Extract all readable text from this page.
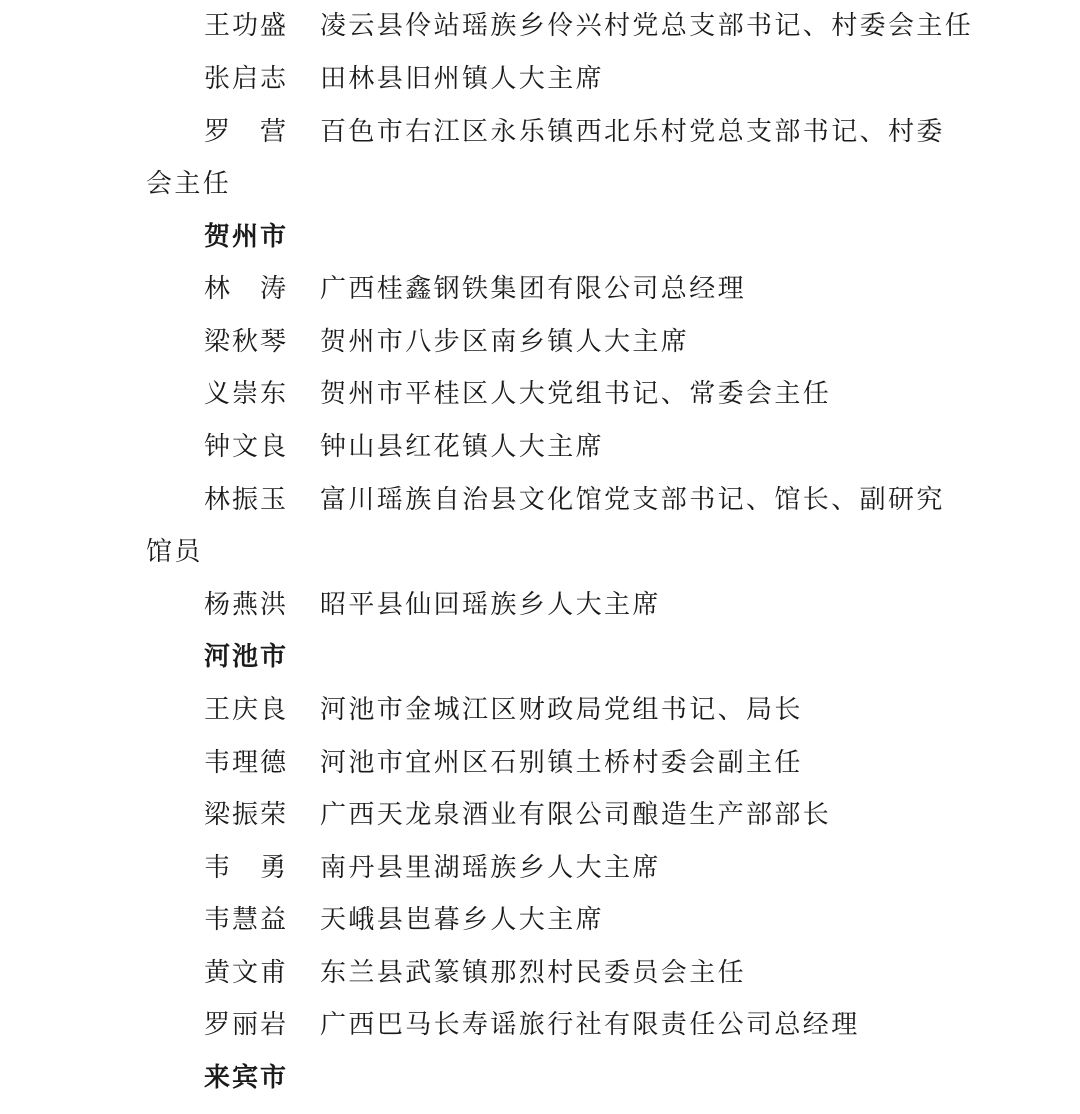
王功盛	凌云县伶站瑶族乡伶兴村党总支部书记、村委会主任
张启志	田林县旧州镇人大主席
罗　营	百色市右江区永乐镇西北乐村党总支部书记、村委
会主任
贺州市
林　涛	广西桂鑫钢铁集团有限公司总经理
梁秋琴	贺州市八步区南乡镇人大主席
义崇东	贺州市平桂区人大党组书记、常委会主任
钟文良	钟山县红花镇人大主席
林振玉	富川瑶族自治县文化馆党支部书记、馆长、副研究
馆员
杨燕洪	昭平县仙回瑶族乡人大主席
河池市
王庆良	河池市金城江区财政局党组书记、局长
韦理德	河池市宜州区石别镇土桥村委会副主任
梁振荣	广西天龙泉酒业有限公司酿造生产部部长
韦　勇	南丹县里湖瑶族乡人大主席
韦慧益	天峨县岜暮乡人大主席
黄文甫	东兰县武篆镇那烈村民委员会主任
罗丽岩	广西巴马长寿谣旅行社有限责任公司总经理
来宾市
